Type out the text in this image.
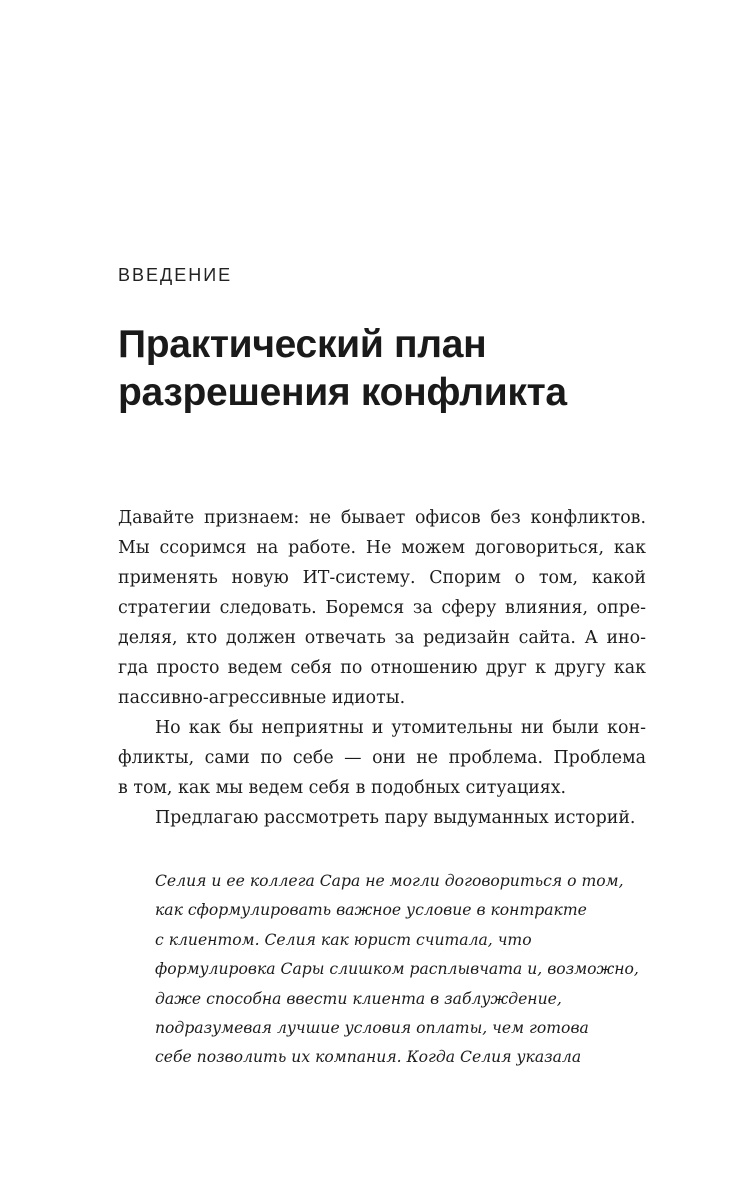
ВВЕДЕНИЕ
Практический план
разрешения конфликта
Давайте признаем: не бывает офисов без конфликтов.
Мы ссоримся на работе. Не можем договориться, как
применять новую ИТ-систему. Спорим о том, какой
стратегии следовать. Боремся за сферу влияния, опре-
деляя, кто должен отвечать за редизайн сайта. А ино-
гда просто ведем себя по отношению друг к другу как
пассивно-агрессивные идиоты.
Но как бы неприятны и утомительны ни были кон-
фликты, сами по себе — они не проблема. Проблема
в том, как мы ведем себя в подобных ситуациях.
Предлагаю рассмотреть пару выдуманных историй.
Селия и ее коллега Сара не могли договориться о том,
как сформулировать важное условие в контракте
с клиентом. Селия как юрист считала, что
формулировка Сары слишком расплывчата и, возможно,
даже способна ввести клиента в заблуждение,
подразумевая лучшие условия оплаты, чем готова
себе позволить их компания. Когда Селия указала
